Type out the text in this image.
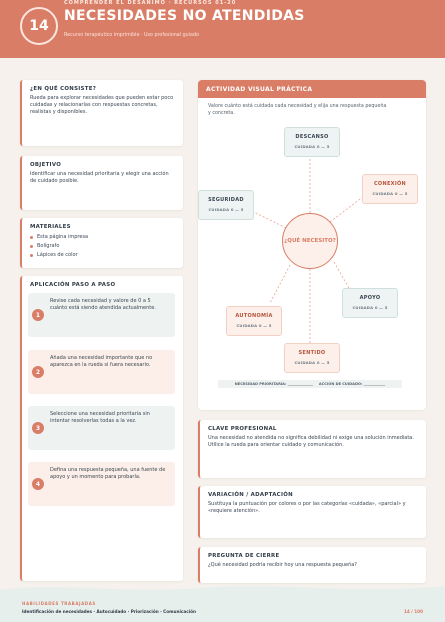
14
COMPRENDER EL DESÁNIMO · RECURSOS 01-20
NECESIDADES NO ATENDIDAS
Recurso terapéutico imprimible · Uso profesional guiado
¿EN QUÉ CONSISTE?

Rueda para explorar necesidades que pueden estar poco cuidadas y relacionarlas con respuestas concretas, realistas y disponibles.

OBJETIVO

Identificar una necesidad prioritaria y elegir una acción de cuidado posible.

MATERIALES
Esta página impresa
Bolígrafo
Lápices de color
APLICACIÓN PASO A PASO
1

Revise cada necesidad y valore de 0 a 5 cuánto está siendo atendida actualmente.

2

Añada una necesidad importante que no aparezca en la rueda si fuera necesario.

3

Seleccione una necesidad prioritaria sin intentar resolverlas todas a la vez.

4

Defina una respuesta pequeña, una fuente de apoyo y un momento para probarla.

ACTIVIDAD VISUAL PRÁCTICA

Valore cuánto está cuidada cada necesidad y elija una respuesta pequeña y concreta.

DESCANSO
CUIDADA 0 — 5
CONEXIÓN
CUIDADA 0 — 5
SEGURIDAD
CUIDADA 0 — 5
¿QUÉ NECESITO?
APOYO
CUIDADA 0 — 5
AUTONOMÍA
CUIDADA 0 — 5
SENTIDO
CUIDADA 0 — 5
NECESIDAD PRIORITARIA: ______________ ACCIÓN DE CUIDADO: ____________
CLAVE PROFESIONAL

Una necesidad no atendida no significa debilidad ni exige una solución inmediata. Utilice la rueda para orientar cuidado y comunicación.

VARIACIÓN / ADAPTACIÓN

Sustituya la puntuación por colores o por las categorías «cuidada», «parcial» y «requiere atención».

PREGUNTA DE CIERRE

¿Qué necesidad podría recibir hoy una respuesta pequeña?

HABILIDADES TRABAJADAS
Identificación de necesidades · Autocuidado · Priorización · Comunicación	14 / 100
